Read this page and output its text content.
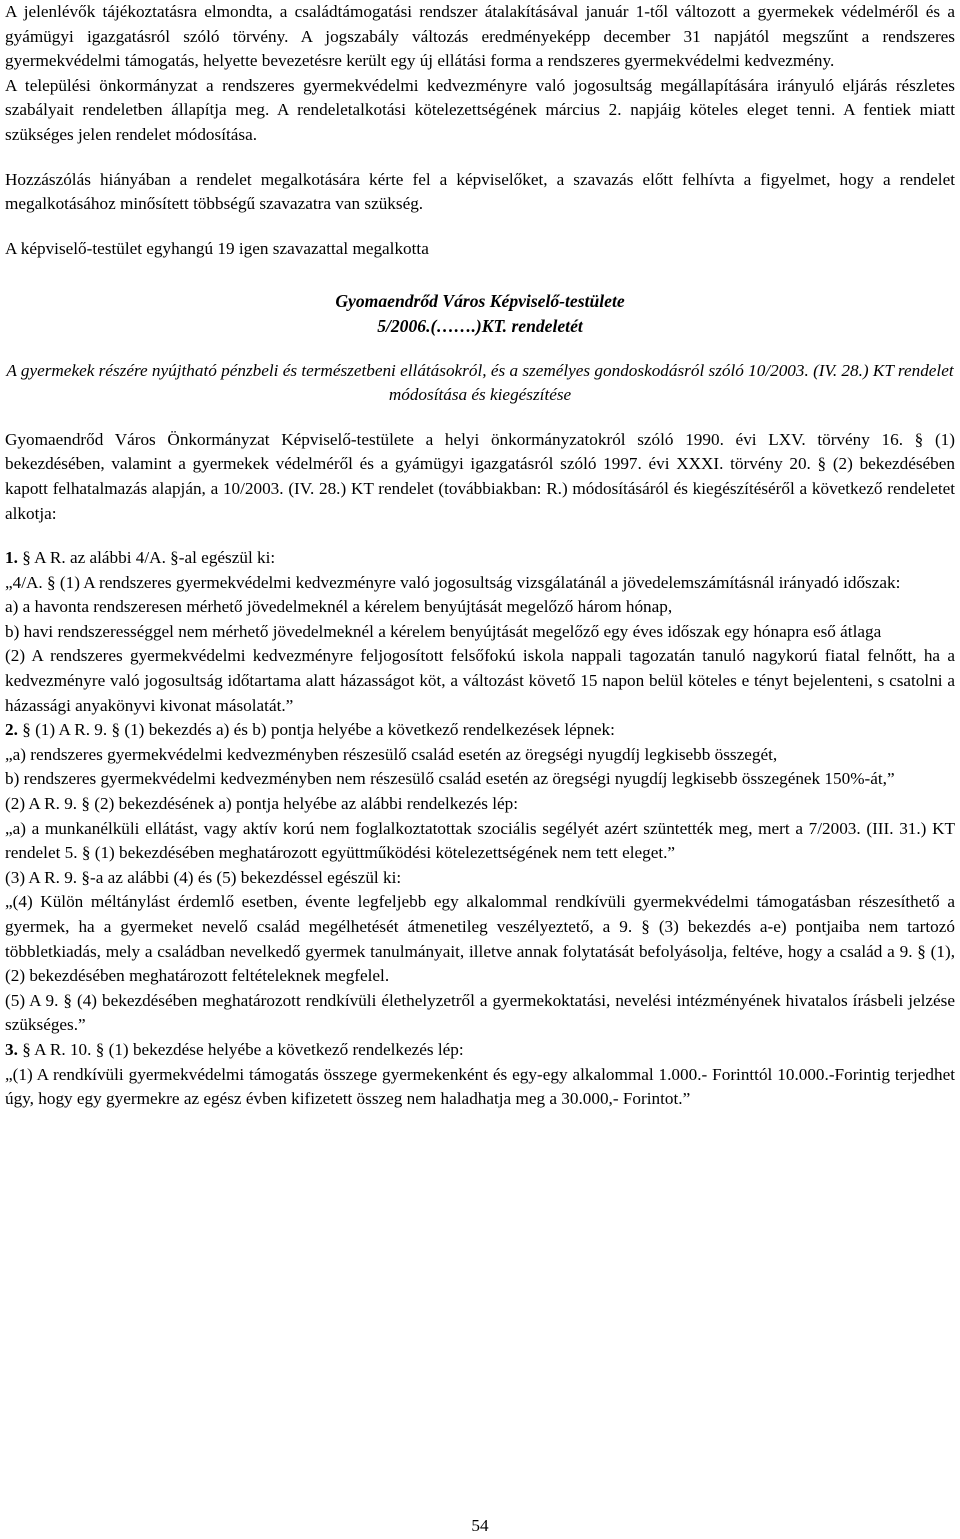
A jelenlévők tájékoztatásra elmondta, a családtámogatási rendszer átalakításával január 1-től változott a gyermekek védelméről és a gyámügyi igazgatásról szóló törvény. A jogszabály változás eredményeképp december 31 napjától megszűnt a rendszeres gyermekvédelmi támogatás, helyette bevezetésre került egy új ellátási forma a rendszeres gyermekvédelmi kedvezmény.

A települési önkormányzat a rendszeres gyermekvédelmi kedvezményre való jogosultság megállapítására irányuló eljárás részletes szabályait rendeletben állapítja meg. A rendeletalkotási kötelezettségének március 2. napjáig köteles eleget tenni. A fentiek miatt szükséges jelen rendelet módosítása.

Hozzászólás hiányában a rendelet megalkotására kérte fel a képviselőket, a szavazás előtt felhívta a figyelmet, hogy a rendelet megalkotásához minősített többségű szavazatra van szükség.

A képviselő-testület egyhangú 19 igen szavazattal megalkotta

Gyomaendrőd Város Képviselő-testülete

5/2006.(…….)KT. rendeletét

A gyermekek részére nyújtható pénzbeli és természetbeni ellátásokról, és a személyes gondoskodásról szóló 10/2003. (IV. 28.) KT rendelet módosítása és kiegészítése

Gyomaendrőd Város Önkormányzat Képviselő-testülete a helyi önkormányzatokról szóló 1990. évi LXV. törvény 16. § (1) bekezdésében, valamint a gyermekek védelméről és a gyámügyi igazgatásról szóló 1997. évi XXXI. törvény 20. § (2) bekezdésében kapott felhatalmazás alapján, a 10/2003. (IV. 28.) KT rendelet (továbbiakban: R.) módosításáról és kiegészítéséről a következő rendeletet alkotja:

1. § A R. az alábbi 4/A. §-al egészül ki:

„4/A. § (1) A rendszeres gyermekvédelmi kedvezményre való jogosultság vizsgálatánál a jövedelemszámításnál irányadó időszak:

a) a havonta rendszeresen mérhető jövedelmeknél a kérelem benyújtását megelőző három hónap,

b) havi rendszerességgel nem mérhető jövedelmeknél a kérelem benyújtását megelőző egy éves időszak egy hónapra eső átlaga

(2) A rendszeres gyermekvédelmi kedvezményre feljogosított felsőfokú iskola nappali tagozatán tanuló nagykorú fiatal felnőtt, ha a kedvezményre való jogosultság időtartama alatt házasságot köt, a változást követő 15 napon belül köteles e tényt bejelenteni, s csatolni a házassági anyakönyvi kivonat másolatát.”

2. § (1) A R. 9. § (1) bekezdés a) és b) pontja helyébe a következő rendelkezések lépnek:

„a) rendszeres gyermekvédelmi kedvezményben részesülő család esetén az öregségi nyugdíj legkisebb összegét,

b) rendszeres gyermekvédelmi kedvezményben nem részesülő család esetén az öregségi nyugdíj legkisebb összegének 150%-át,”

(2) A R. 9. § (2) bekezdésének a) pontja helyébe az alábbi rendelkezés lép:

„a) a munkanélküli ellátást, vagy aktív korú nem foglalkoztatottak szociális segélyét azért szüntették meg, mert a 7/2003. (III. 31.) KT rendelet 5. § (1) bekezdésében meghatározott együttműködési kötelezettségének nem tett eleget.”

(3) A R. 9. §-a az alábbi (4) és (5) bekezdéssel egészül ki:

„(4) Külön méltánylást érdemlő esetben, évente legfeljebb egy alkalommal rendkívüli gyermekvédelmi támogatásban részesíthető a gyermek, ha a gyermeket nevelő család megélhetését átmenetileg veszélyeztető, a 9. § (3) bekezdés a-e) pontjaiba nem tartozó többletkiadás, mely a családban nevelkedő gyermek tanulmányait, illetve annak folytatását befolyásolja, feltéve, hogy a család a 9. § (1), (2) bekezdésében meghatározott feltételeknek megfelel.

(5) A 9. § (4) bekezdésében meghatározott rendkívüli élethelyzetről a gyermekoktatási, nevelési intézményének hivatalos írásbeli jelzése szükséges.”

3. § A R. 10. § (1) bekezdése helyébe a következő rendelkezés lép:

„(1) A rendkívüli gyermekvédelmi támogatás összege gyermekenként és egy-egy alkalommal 1.000.- Forinttól 10.000.-Forintig terjedhet úgy, hogy egy gyermekre az egész évben kifizetett összeg nem haladhatja meg a 30.000,- Forintot.”

54
